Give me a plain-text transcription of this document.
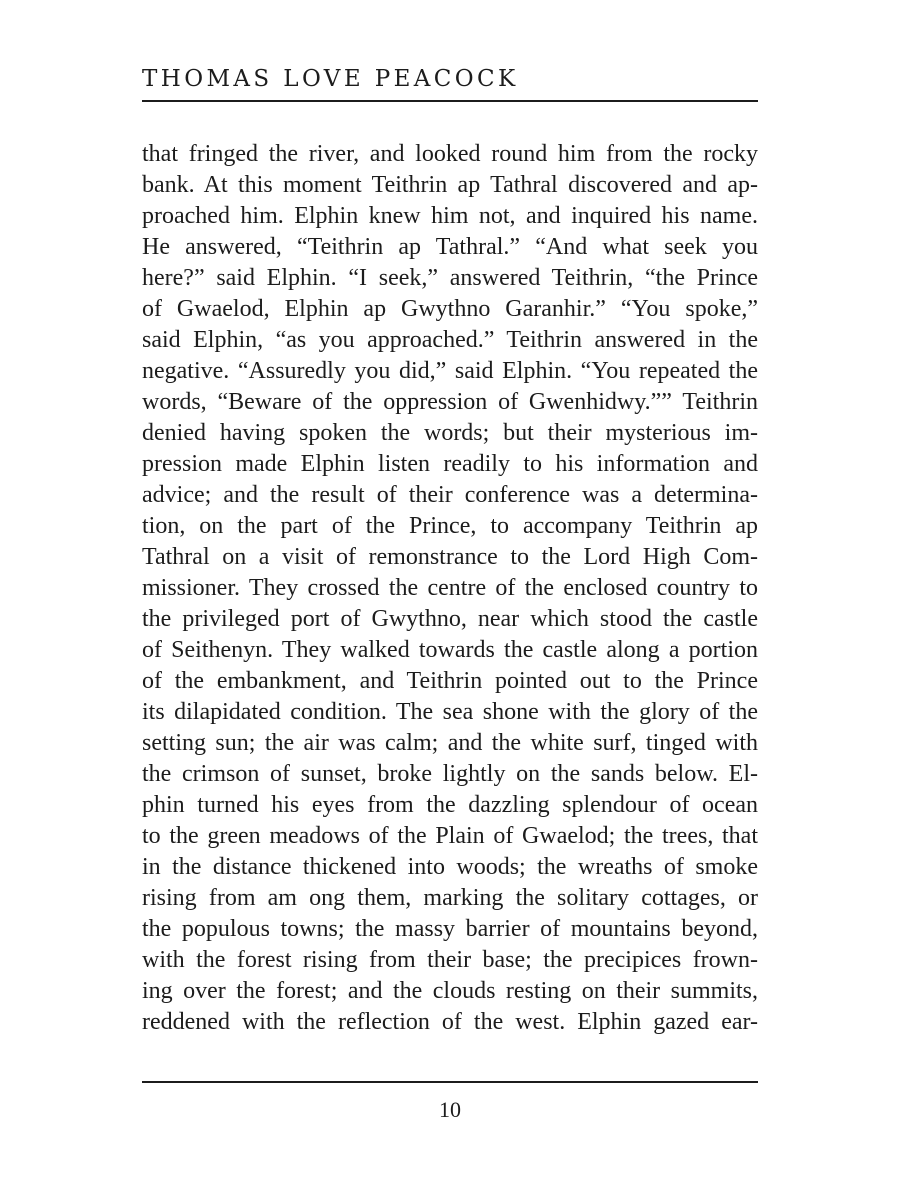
THOMAS LOVE PEACOCK
that fringed the river, and looked round him from the rocky
bank. At this moment Teithrin ap Tathral discovered and ap-
proached him. Elphin knew him not, and inquired his name.
He answered, “Teithrin ap Tathral.” “And what seek you
here?” said Elphin. “I seek,” answered Teithrin, “the Prince
of Gwaelod, Elphin ap Gwythno Garanhir.” “You spoke,”
said Elphin, “as you approached.” Teithrin answered in the
negative. “Assuredly you did,” said Elphin. “You repeated the
words, “Beware of the oppression of Gwenhidwy.”” Teithrin
denied having spoken the words; but their mysterious im-
pression made Elphin listen readily to his information and
advice; and the result of their conference was a determina-
tion, on the part of the Prince, to accompany Teithrin ap
Tathral on a visit of remonstrance to the Lord High Com-
missioner. They crossed the centre of the enclosed country to
the privileged port of Gwythno, near which stood the castle
of Seithenyn. They walked towards the castle along a portion
of the embankment, and Teithrin pointed out to the Prince
its dilapidated condition. The sea shone with the glory of the
setting sun; the air was calm; and the white surf, tinged with
the crimson of sunset, broke lightly on the sands below. El-
phin turned his eyes from the dazzling splendour of ocean
to the green meadows of the Plain of Gwaelod; the trees, that
in the distance thickened into woods; the wreaths of smoke
rising from am ong them, marking the solitary cottages, or
the populous towns; the massy barrier of mountains beyond,
with the forest rising from their base; the precipices frown-
ing over the forest; and the clouds resting on their summits,
reddened with the reflection of the west. Elphin gazed ear-
10
